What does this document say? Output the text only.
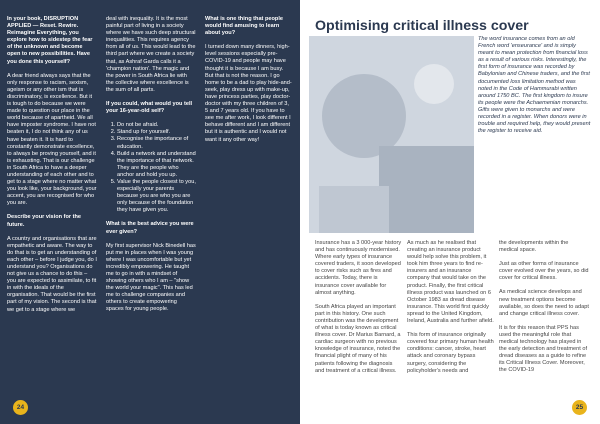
In your book, DISRUPTION APPLIED — Reset. Rewire. Reimagine Everything, you explore how to sidestep the fear of the unknown and become open to new possibilities. Have you done this yourself?

A dear friend always says that the only response to racism, sexism, ageism or any other ism that is discriminatory, is excellence. But it is tough to do because we were made to question our place in the world because of apartheid. We all have imposter syndrome. I have not beaten it, I do not think any of us have beaten it. It is hard to constantly demonstrate excellence, to always be proving yourself, and it is exhausting. That is our challenge in South Africa to have a deeper understanding of each other and to get to a stage where no matter what you look like, your background, your accent, you are recognised for who you are.

Describe your vision for the future.

A country and organisations that are empathetic and aware. The way to do that is to get an understanding of each other – before I judge you, do I understand you? Organisations do not give us a chance to do this – you are expected to assimilate, to fit in with the ideals of the organisation. That would be the first part of my vision. The second is that we get to a stage where we

deal with inequality. It is the most painful part of living in a society where we have such deep structural inequalities. This requires agency from all of us. This would lead to the third part where we create a society that, as Ashraf Garda calls it a 'champion nation'. The magic and the power in South Africa lie with the collective where excellence is the sum of all parts.

If you could, what would you tell your 16-year-old self?

1. Do not be afraid.
2. Stand up for yourself.
3. Recognise the importance of education.
4. Build a network and understand the importance of that network. They are the people who anchor and hold you up.
5. Value the people closest to you, especially your parents because you are who you are only because of the foundation they have given you.

What is the best advice you were ever given?

My first supervisor Nick Binedell has put me in places when I was young where I was uncomfortable but yet incredibly empowering. He taught me to go in with a mindset of showing others who I am – "show the world your magic". This has led me to challenge companies and others to create empowering spaces for young people.

What is one thing that people would find amusing to learn about you?

I turned down many dinners, high-level sessions especially pre-COVID-19 and people may have thought it is because I am busy. But that is not the reason. I go home to be a dad to play hide-and-seek, play dress up with make-up, have princess parties, play doctor-doctor with my three children of 3, 5 and 7 years old. If you have to see me after work, I look different I behave different and I am different but it is authentic and I would not want it any other way!

24
Optimising critical illness cover

The word insurance comes from an old French word 'enseurance' and is simply meant to mean protection from financial loss as a result of various risks. Interestingly, the first form of insurance was recorded by Babylonian and Chinese traders, and the first documented loss limitation method was noted in the Code of Hammurabi written around 1750 BC. The first kingdom to insure its people were the Achaemenian monarchs. Gifts were given to monarchs and were recorded in a register. When donors were in trouble and required help, they would present the register to receive aid.

Insurance has a 3 000-year history and has continuously modernised. Where early types of insurance covered traders, it soon developed to cover risks such as fires and accidents. Today, there is insurance cover available for almost anything.

South Africa played an important part in this history. One such contribution was the development of what is today known as critical illness cover. Dr Marius Barnard, a cardiac surgeon with no previous knowledge of insurance, noted the financial plight of many of his patients following the diagnosis and treatment of a critical illness.

As much as he realised that creating an insurance product would help solve this problem, it took him three years to find re-insurers and an insurance company that would take on the product. Finally, the first critical illness product was launched on 6 October 1983 as dread disease insurance. This world first quickly spread to the United Kingdom, Ireland, Australia and further afield.

This form of insurance originally covered four primary human health conditions: cancer, stroke, heart attack and coronary bypass surgery, considering the policyholder's needs and

the developments within the medical space.

Just as other forms of insurance cover evolved over the years, so did cover for critical illness.

As medical science develops and new treatment options become available, so does the need to adapt and change critical illness cover.

It is for this reason that PPS has used the meaningful role that medical technology has played in the early detection and treatment of dread diseases as a guide to refine its Critical Illness Cover. Moreover, the COVID-19

25
